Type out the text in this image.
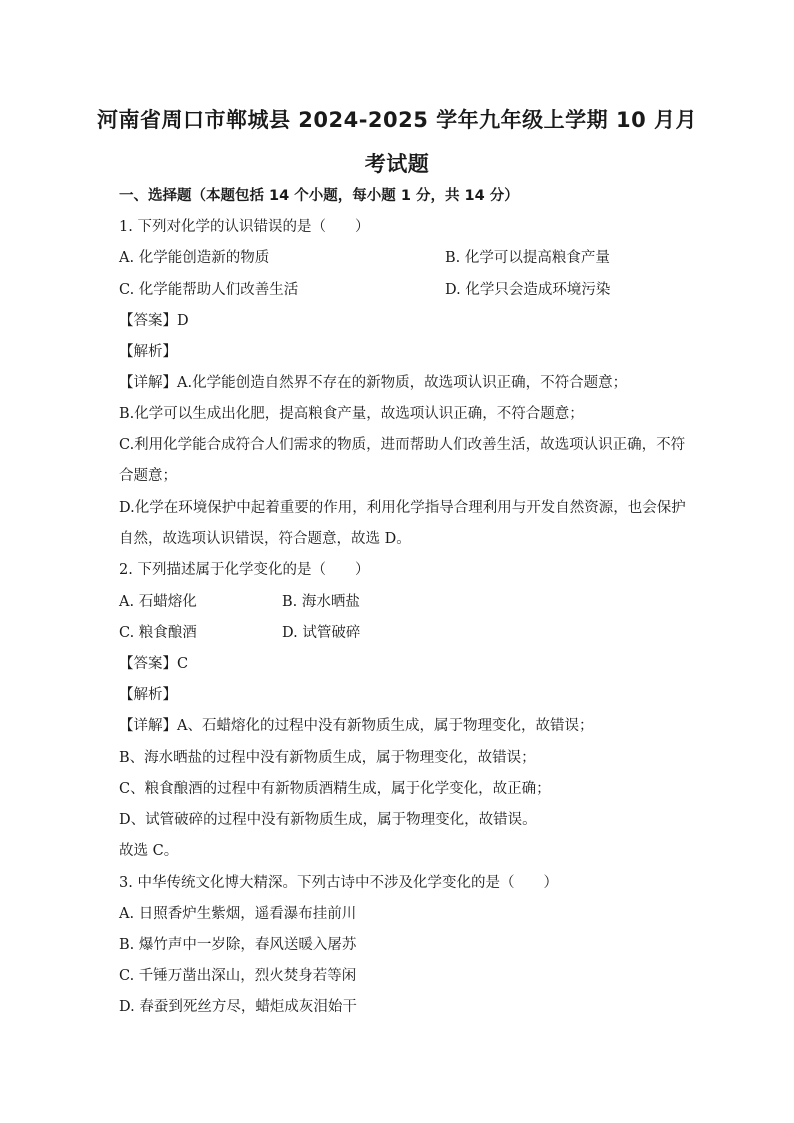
河南省周口市郸城县 2024-2025 学年九年级上学期 10 月月
考试题
一、选择题（本题包括 14 个小题，每小题 1 分，共 14 分）
1. 下列对化学的认识错误的是（　　）
A. 化学能创造新的物质	B. 化学可以提高粮食产量
C. 化学能帮助人们改善生活	D. 化学只会造成环境污染
【答案】D
【解析】
【详解】A.化学能创造自然界不存在的新物质，故选项认识正确，不符合题意；
B.化学可以生成出化肥，提高粮食产量，故选项认识正确，不符合题意；
C.利用化学能合成符合人们需求的物质，进而帮助人们改善生活，故选项认识正确，不符
合题意；
D.化学在环境保护中起着重要的作用，利用化学指导合理利用与开发自然资源，也会保护
自然，故选项认识错误，符合题意，故选 D。
2. 下列描述属于化学变化的是（　　）
A. 石蜡熔化	B. 海水晒盐
C. 粮食酿酒	D. 试管破碎
【答案】C
【解析】
【详解】A、石蜡熔化的过程中没有新物质生成，属于物理变化，故错误；
B、海水晒盐的过程中没有新物质生成，属于物理变化，故错误；
C、粮食酿酒的过程中有新物质酒精生成，属于化学变化，故正确；
D、试管破碎的过程中没有新物质生成，属于物理变化，故错误。
故选 C。
3. 中华传统文化博大精深。下列古诗中不涉及化学变化的是（　　）
A. 日照香炉生紫烟，遥看瀑布挂前川
B. 爆竹声中一岁除，春风送暖入屠苏
C. 千锤万凿出深山，烈火焚身若等闲
D. 春蚕到死丝方尽，蜡炬成灰泪始干
